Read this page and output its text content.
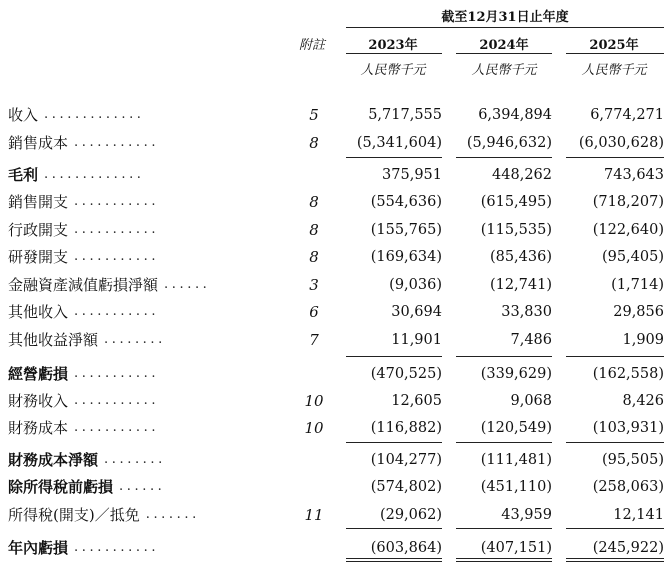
截至12月31日止年度
附註	2023年	2024年	2025年
人民幣千元	人民幣千元	人民幣千元
收入 .............	5	5,717,555 6,394,894	6,774,271
銷售成本 ...........	8	(5,341,604) (5,946,632) (6,030,628)
毛利 .............	375,951	448,262	743,643
銷售開支 ...........	8	(554,636)	(615,495)	(718,207)
行政開支 ...........	8	(155,765)	(115,535)	(122,640)
研發開支 ...........	8	(169,634)	(85,436)	(95,405)
金融資產減值虧損淨額 ......	3	(9,036)	(12,741)	(1,714)
其他收入 ...........	6	30,694	33,830	29,856
其他收益淨額 ........	7	11,901	7,486	1,909
經營虧損 ...........	(470,525)	(339,629)	(162,558)
財務收入 ...........	10	12,605	9,068	8,426
財務成本 ...........	10	(116,882)	(120,549)	(103,931)
財務成本淨額 ........	(104,277)	(111,481)	(95,505)
除所得稅前虧損 ......	(574,802)	(451,110)	(258,063)
所得稅(開支)／抵免 .......	11	(29,062)	43,959	12,141
年內虧損 ...........	(603,864)	(407,151)	(245,922)
